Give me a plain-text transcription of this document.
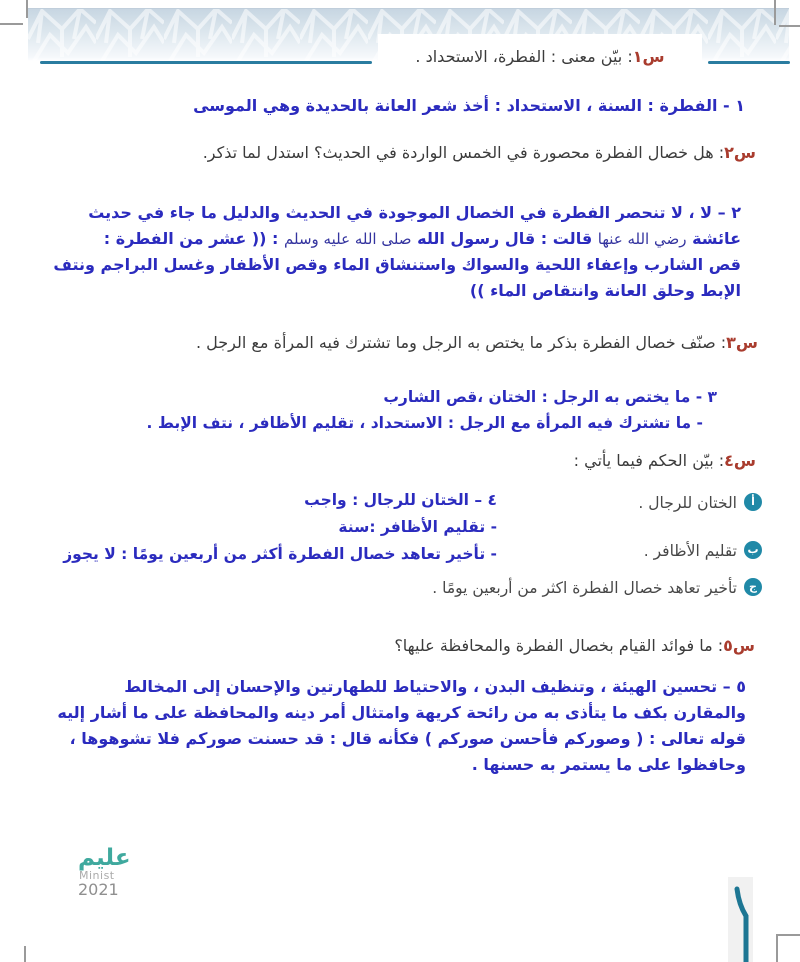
س١
: بيّن معنى : الفطرة، الاستحداد .
١ - الفطرة : السنة ، الاستحداد : أخذ شعر العانة بالحديدة وهي الموسى
س٢: هل خصال الفطرة محصورة في الخمس الواردة في الحديث؟ استدل لما تذكر.
٢ – لا ، لا تنحصر الفطرة في الخصال الموجودة في الحديث والدليل ما جاء في حديث
عائشة رضي الله عنها قالت : قال رسول الله صلى الله عليه وسلم : (( عشر من الفطرة :
قص الشارب وإعفاء اللحية والسواك واستنشاق الماء وقص الأظفار وغسل البراجم ونتف
الإبط وحلق العانة وانتقاص الماء ))
س٣: صنّف خصال الفطرة بذكر ما يختص به الرجل وما تشترك فيه المرأة مع الرجل .
٣ - ما يختص به الرجل : الختان ،قص الشارب
- ما تشترك فيه المرأة مع الرجل : الاستحداد ، تقليم الأظافر ، نتف الإبط .
س٤: بيّن الحكم فيما يأتي :
أ
الختان للرجال .
ب
تقليم الأظافر .
ج
تأخير تعاهد خصال الفطرة اكثر من أربعين يومًا .
٤ – الختان للرجال : واجب
- تقليم الأظافر :سنة
- تأخير تعاهد خصال الفطرة أكثر من أربعين يومًا : لا يجوز
س٥: ما فوائد القيام بخصال الفطرة والمحافظة عليها؟
٥ – تحسين الهيئة ، وتنظيف البدن ، والاحتياط للطهارتين والإحسان إلى المخالط
والمقارن بكف ما يتأذى به من رائحة كريهة وامتثال أمر دينه والمحافظة على ما أشار إليه
قوله تعالى : ( وصوركم فأحسن صوركم ) فكأنه قال : قد حسنت صوركم فلا تشوهوها ،
وحافظوا على ما يستمر به حسنها .
عليم
Minist
2021
